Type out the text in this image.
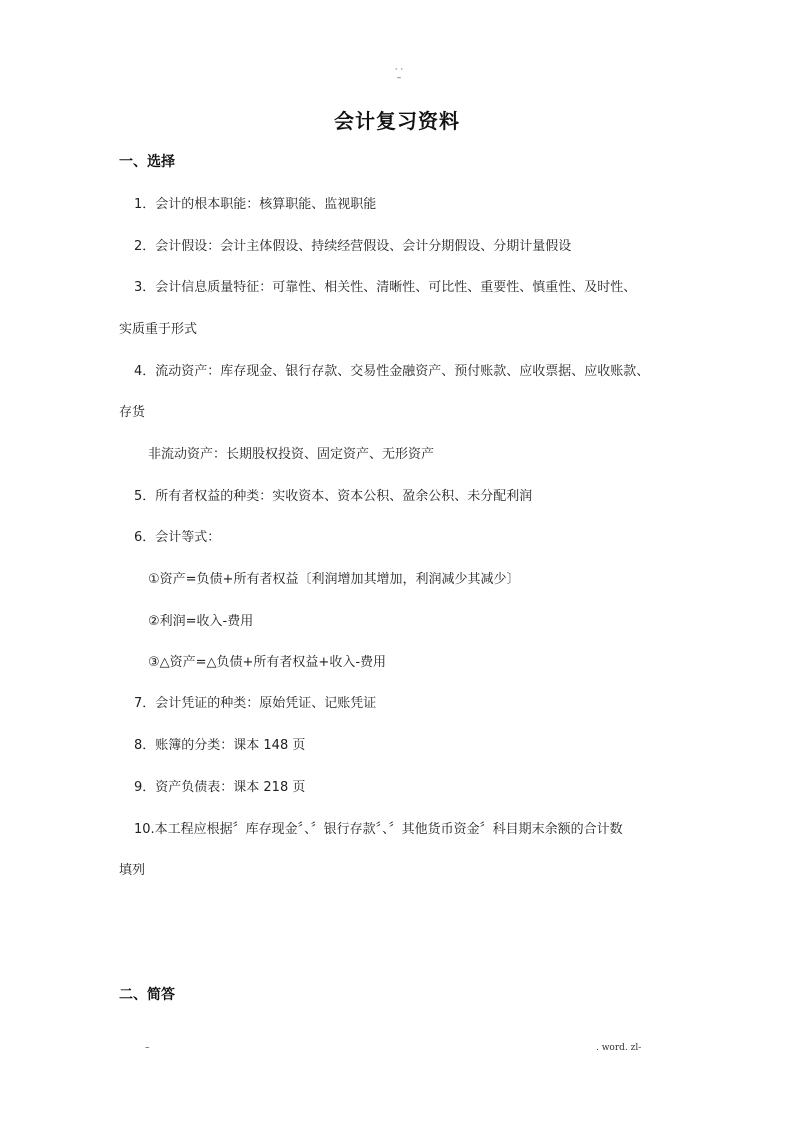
· ·
–
会计复习资料
一、选择
1．会计的根本职能：核算职能、监视职能
2．会计假设：会计主体假设、持续经营假设、会计分期假设、分期计量假设
3．会计信息质量特征：可靠性、相关性、清晰性、可比性、重要性、慎重性、及时性、
实质重于形式
4．流动资产：库存现金、银行存款、交易性金融资产、预付账款、应收票据、应收账款、
存货
非流动资产：长期股权投资、固定资产、无形资产
5．所有者权益的种类：实收资本、资本公积、盈余公积、未分配利润
6．会计等式：
①资产=负债+所有者权益〔利润增加其增加，利润减少其减少〕
②利润=收入-费用
③△资产=△负债+所有者权益+收入-费用
7．会计凭证的种类：原始凭证、记账凭证
8．账簿的分类：课本 148 页
9．资产负债表：课本 218 页
10.本工程应根据〞库存现金〞、〞银行存款〞、〞其他货币资金〞科目期末余额的合计数
填列
二、简答
–	. word. zl-
